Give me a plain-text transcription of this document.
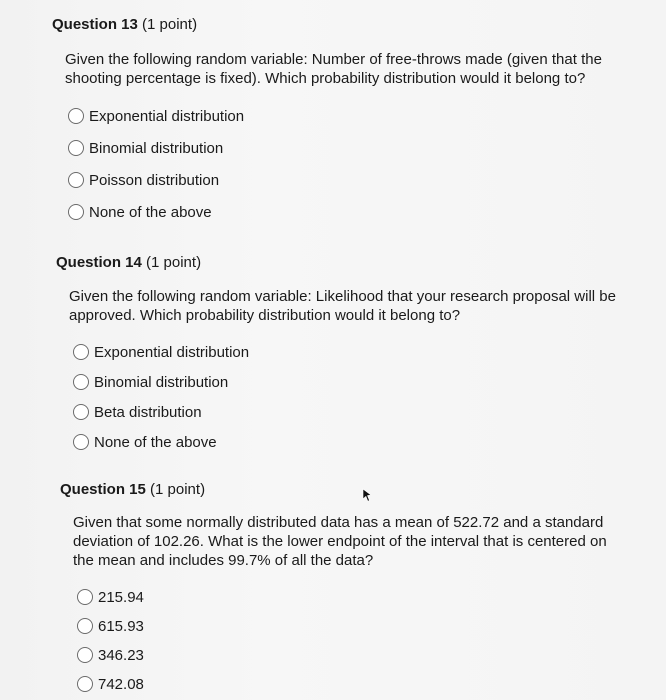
Question 13 (1 point)

Given the following random variable: Number of free-throws made (given that the shooting percentage is fixed). Which probability distribution would it belong to?

Exponential distribution
Binomial distribution
Poisson distribution
None of the above

Question 14 (1 point)

Given the following random variable: Likelihood that your research proposal will be approved. Which probability distribution would it belong to?

Exponential distribution
Binomial distribution
Beta distribution
None of the above

Question 15 (1 point)

Given that some normally distributed data has a mean of 522.72 and a standard deviation of 102.26. What is the lower endpoint of the interval that is centered on the mean and includes 99.7% of all the data?

215.94
615.93
346.23
742.08
